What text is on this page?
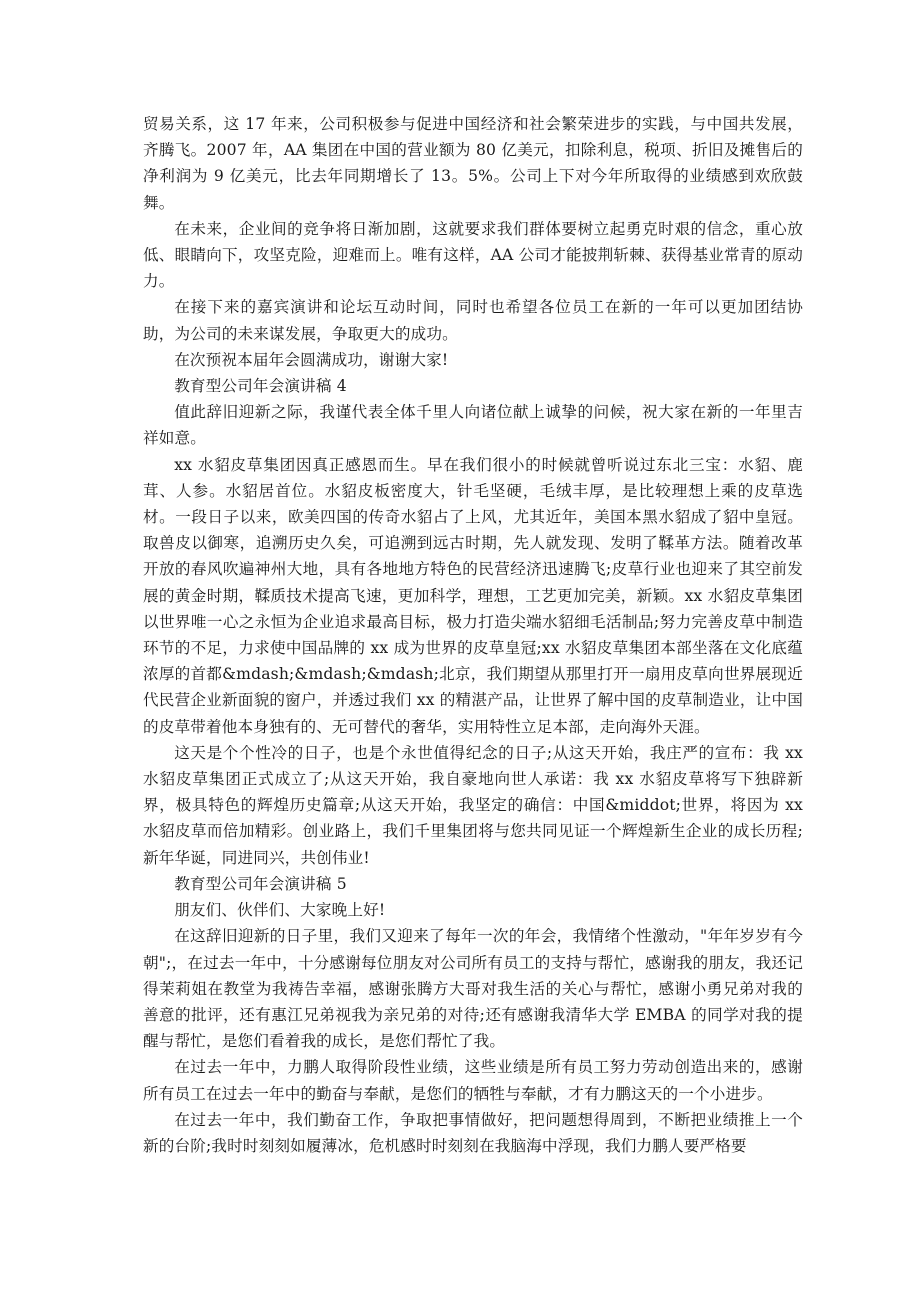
贸易关系，这 17 年来，公司积极参与促进中国经济和社会繁荣进步的实践，与中国共发展，齐腾飞。2007 年，AA 集团在中国的营业额为 80 亿美元，扣除利息，税项、折旧及摊售后的净利润为 9 亿美元，比去年同期增长了 13。5%。公司上下对今年所取得的业绩感到欢欣鼓舞。

在未来，企业间的竞争将日渐加剧，这就要求我们群体要树立起勇克时艰的信念，重心放低、眼睛向下，攻坚克险，迎难而上。唯有这样，AA 公司才能披荆斩棘、获得基业常青的原动力。

在接下来的嘉宾演讲和论坛互动时间，同时也希望各位员工在新的一年可以更加团结协助，为公司的未来谋发展，争取更大的成功。

在次预祝本届年会圆满成功，谢谢大家!

教育型公司年会演讲稿 4

值此辞旧迎新之际，我谨代表全体千里人向诸位献上诚挚的问候，祝大家在新的一年里吉祥如意。

xx 水貂皮草集团因真正感恩而生。早在我们很小的时候就曾听说过东北三宝：水貂、鹿茸、人参。水貂居首位。水貂皮板密度大，针毛坚硬，毛绒丰厚，是比较理想上乘的皮草选材。一段日子以来，欧美四国的传奇水貂占了上风，尤其近年，美国本黑水貂成了貂中皇冠。取兽皮以御寒，追溯历史久矣，可追溯到远古时期，先人就发现、发明了鞣革方法。随着改革开放的春风吹遍神州大地，具有各地地方特色的民营经济迅速腾飞;皮草行业也迎来了其空前发展的黄金时期，鞣质技术提高飞速，更加科学，理想，工艺更加完美，新颖。xx 水貂皮草集团以世界唯一心之永恒为企业追求最高目标，极力打造尖端水貂细毛活制品;努力完善皮草中制造环节的不足，力求使中国品牌的 xx 成为世界的皮草皇冠;xx 水貂皮草集团本部坐落在文化底蕴浓厚的首都&mdash;&mdash;&mdash;北京，我们期望从那里打开一扇用皮草向世界展现近代民营企业新面貌的窗户，并透过我们 xx 的精湛产品，让世界了解中国的皮草制造业，让中国的皮草带着他本身独有的、无可替代的奢华，实用特性立足本部，走向海外天涯。

这天是个个性冷的日子，也是个永世值得纪念的日子;从这天开始，我庄严的宣布：我 xx 水貂皮草集团正式成立了;从这天开始，我自豪地向世人承诺：我 xx 水貂皮草将写下独辟新界，极具特色的辉煌历史篇章;从这天开始，我坚定的确信：中国&middot;世界，将因为 xx 水貂皮草而倍加精彩。创业路上，我们千里集团将与您共同见证一个辉煌新生企业的成长历程;新年华诞，同进同兴，共创伟业!

教育型公司年会演讲稿 5

朋友们、伙伴们、大家晚上好!

在这辞旧迎新的日子里，我们又迎来了每年一次的年会，我情绪个性激动，"年年岁岁有今朝";，在过去一年中，十分感谢每位朋友对公司所有员工的支持与帮忙，感谢我的朋友，我还记得茉莉姐在教堂为我祷告幸福，感谢张腾方大哥对我生活的关心与帮忙，感谢小勇兄弟对我的善意的批评，还有惠江兄弟视我为亲兄弟的对待;还有感谢我清华大学 EMBA 的同学对我的提醒与帮忙，是您们看着我的成长，是您们帮忙了我。

在过去一年中，力鹏人取得阶段性业绩，这些业绩是所有员工努力劳动创造出来的，感谢所有员工在过去一年中的勤奋与奉献，是您们的牺牲与奉献，才有力鹏这天的一个小进步。

在过去一年中，我们勤奋工作，争取把事情做好，把问题想得周到，不断把业绩推上一个新的台阶;我时时刻刻如履薄冰，危机感时时刻刻在我脑海中浮现，我们力鹏人要严格要
